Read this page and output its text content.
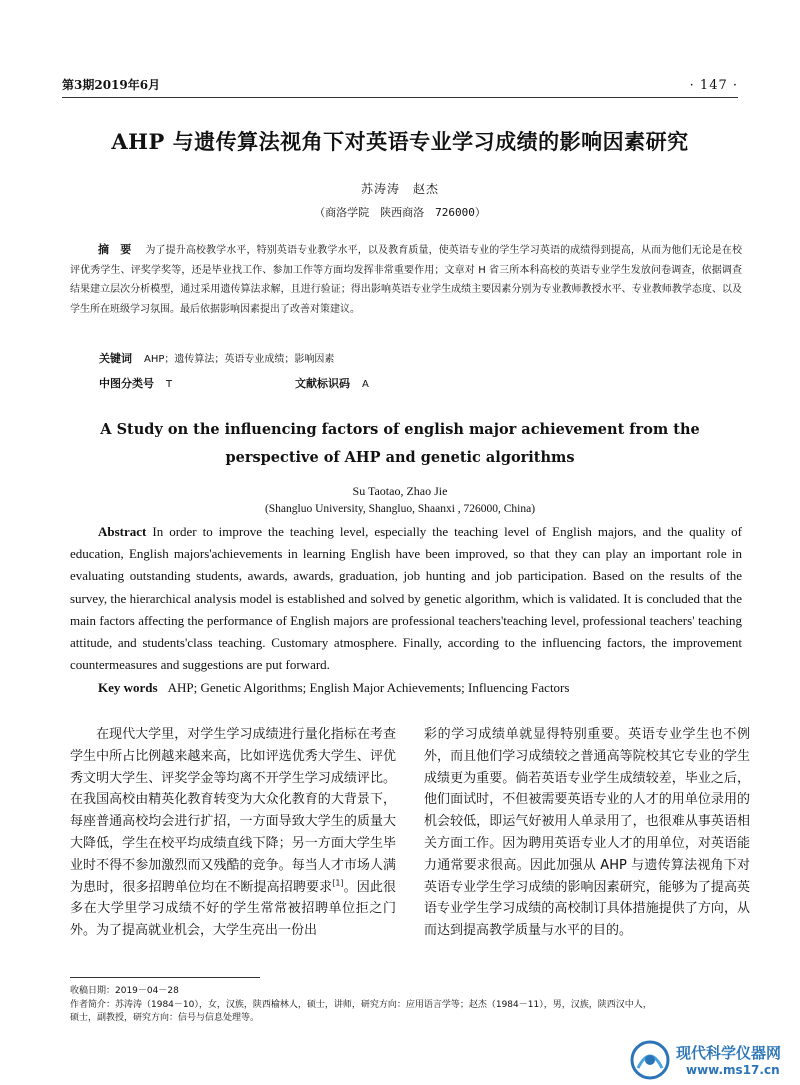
第3期2019年6月	· 147 ·
AHP 与遗传算法视角下对英语专业学习成绩的影响因素研究
苏涛涛　赵杰
（商洛学院　陕西商洛　726000）
摘　要 为了提升高校教学水平，特别英语专业教学水平，以及教育质量，使英语专业的学生学习英语的成绩得到提高，从而为他们无论是在校评优秀学生、评奖学奖等，还是毕业找工作、参加工作等方面均发挥非常重要作用；文章对 H 省三所本科高校的英语专业学生发放问卷调查，依据调查结果建立层次分析模型，通过采用遗传算法求解，且进行验证；得出影响英语专业学生成绩主要因素分别为专业教师教授水平、专业教师教学态度、以及学生所在班级学习氛围。最后依据影响因素提出了改善对策建议。
关键词 AHP；遗传算法；英语专业成绩；影响因素
中图分类号 T	文献标识码 A
A Study on the influencing factors of english major achievement from the perspective of AHP and genetic algorithms
Su Taotao, Zhao Jie
(Shangluo University, Shangluo, Shaanxi , 726000, China)
Abstract In order to improve the teaching level, especially the teaching level of English majors, and the quality of education, English majors'achievements in learning English have been improved, so that they can play an important role in evaluating outstanding students, awards, awards, graduation, job hunting and job participation. Based on the results of the survey, the hierarchical analysis model is established and solved by genetic algorithm, which is validated. It is concluded that the main factors affecting the performance of English majors are professional teachers'teaching level, professional teachers' teaching attitude, and students'class teaching. Customary atmosphere. Finally, according to the influencing factors, the improvement countermeasures and suggestions are put forward.
Key words AHP; Genetic Algorithms; English Major Achievements; Influencing Factors
在现代大学里，对学生学习成绩进行量化指标在考查学生中所占比例越来越来高，比如评选优秀大学生、评优秀文明大学生、评奖学金等均离不开学生学习成绩评比。在我国高校由精英化教育转变为大众化教育的大背景下，每座普通高校均会进行扩招，一方面导致大学生的质量大大降低，学生在校平均成绩直线下降；另一方面大学生毕业时不得不参加激烈而又残酷的竞争。每当人才市场人满为患时，很多招聘单位均在不断提高招聘要求[1]。因此很多在大学里学习成绩不好的学生常常被招聘单位拒之门外。为了提高就业机会，大学生亮出一份出
彩的学习成绩单就显得特别重要。英语专业学生也不例外，而且他们学习成绩较之普通高等院校其它专业的学生成绩更为重要。倘若英语专业学生成绩较差，毕业之后，他们面试时，不但被需要英语专业的人才的用单位录用的机会较低，即运气好被用人单录用了，也很难从事英语相关方面工作。因为聘用英语专业人才的用单位，对英语能力通常要求很高。因此加强从 AHP 与遗传算法视角下对英语专业学生学习成绩的影响因素研究，能够为了提高英语专业学生学习成绩的高校制订具体措施提供了方向，从而达到提高教学质量与水平的目的。
收稿日期：2019－04－28
作者简介：苏涛涛（1984－10），女，汉族，陕西榆林人，硕士，讲师，研究方向：应用语言学等；赵杰（1984－11），男，汉族，陕西汉中人，
硕士，副教授，研究方向：信号与信息处理等。
现代科学仪器网
www.ms17.cn
